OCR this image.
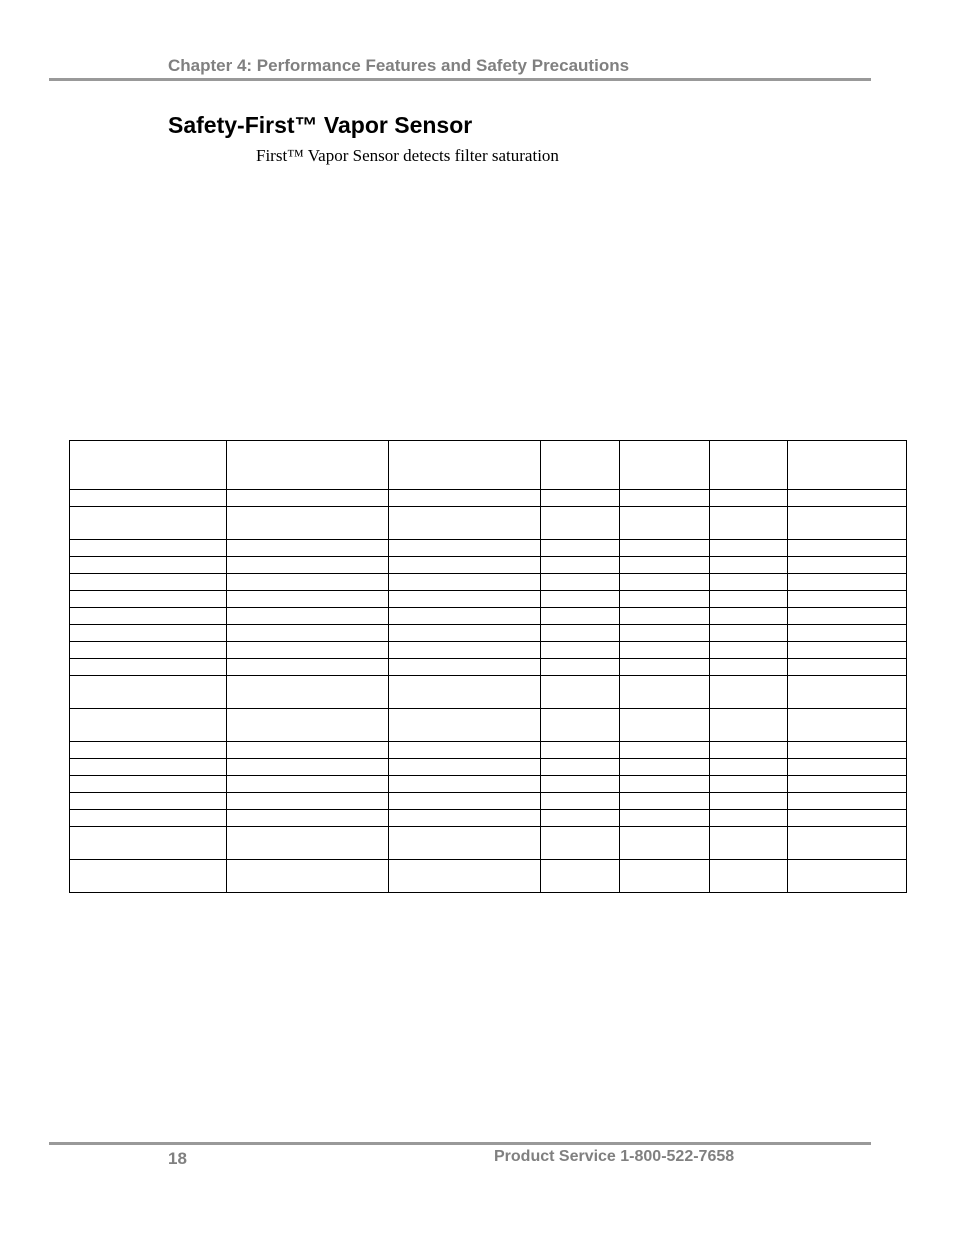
Chapter 4: Performance Features and Safety Precautions
Safety-First™ Vapor Sensor
First™ Vapor Sensor detects filter saturation

18	Product Service 1-800-522-7658
